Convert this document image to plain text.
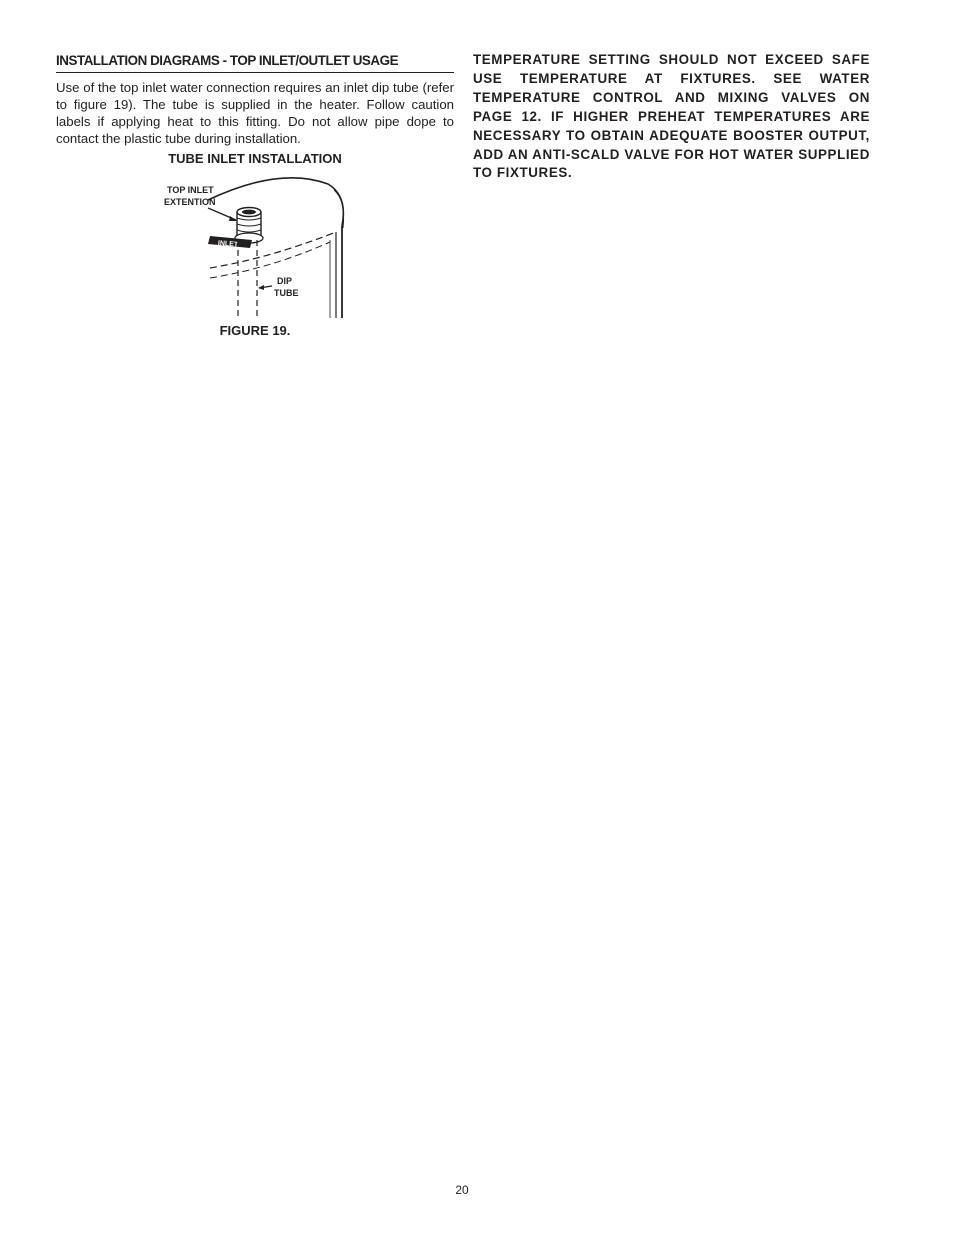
INSTALLATION DIAGRAMS - TOP INLET/OUTLET USAGE
Use of the top inlet water connection requires an inlet dip tube (refer to figure 19). The tube is supplied in the heater. Follow caution labels if applying heat to this fitting. Do not allow pipe dope to contact the plastic tube during installation.
TUBE INLET INSTALLATION
INLET
TOP INLET
EXTENTION
DIP
TUBE
FIGURE 19.
TEMPERATURE SETTING SHOULD NOT EXCEED SAFE USE TEMPERATURE AT FIXTURES. SEE WATER TEMPERATURE CONTROL AND MIXING VALVES ON PAGE 12. IF HIGHER PREHEAT TEMPERATURES ARE NECESSARY TO OBTAIN ADEQUATE BOOSTER OUTPUT, ADD AN ANTI-SCALD VALVE FOR HOT WATER SUPPLIED TO FIXTURES.
20
